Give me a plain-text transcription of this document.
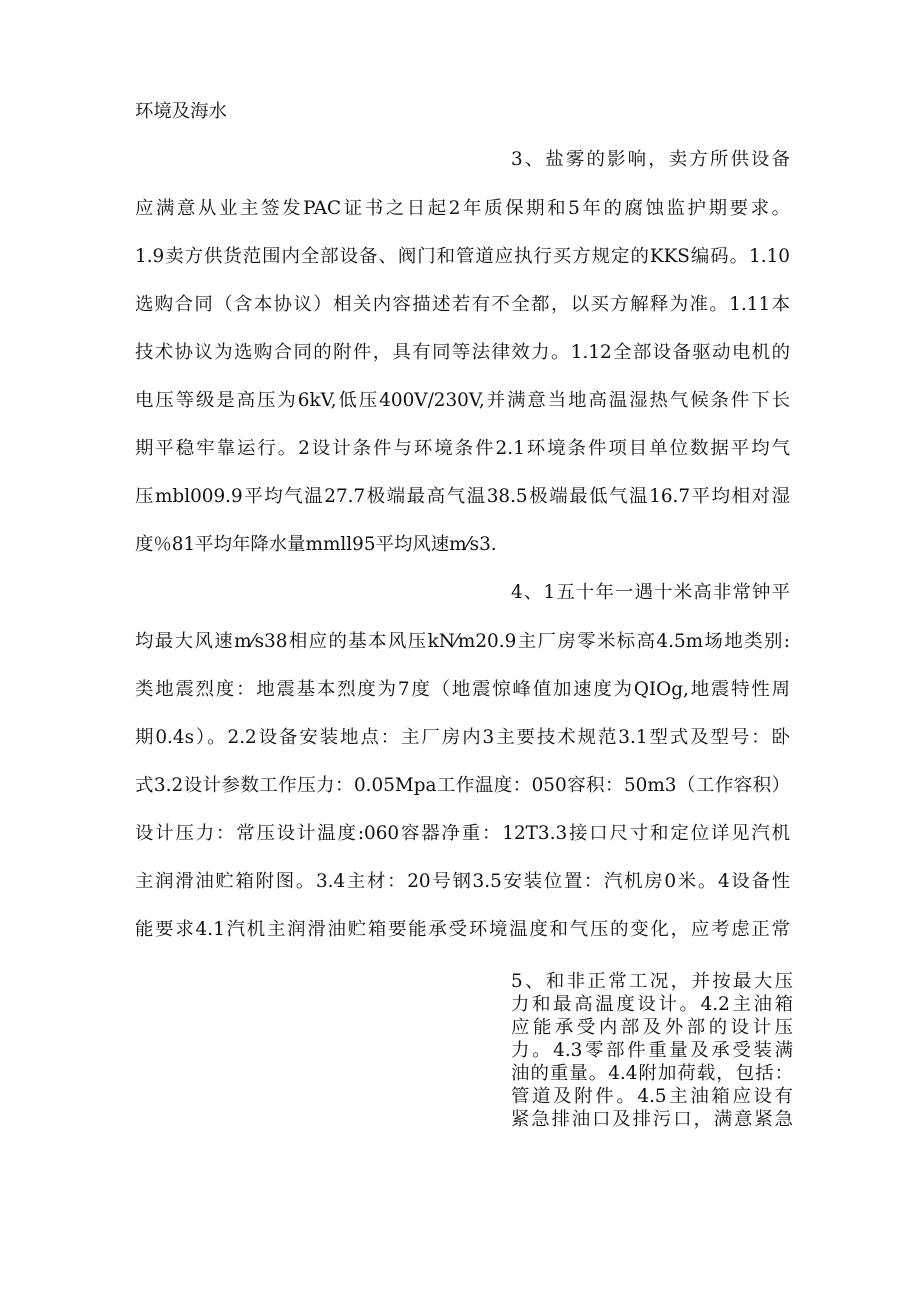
环境及海水
3、盐雾的影响，卖方所供设备
应满意从业主签发PAC证书之日起2年质保期和5年的腐蚀监护期要求。
1.9卖方供货范围内全部设备、阀门和管道应执行买方规定的KKS编码。1.10
选购合同（含本协议）相关内容描述若有不全都，以买方解释为准。1.11本
技术协议为选购合同的附件，具有同等法律效力。1.12全部设备驱动电机的
电压等级是高压为6kV,低压400V/230V,并满意当地高温湿热气候条件下长
期平稳牢靠运行。2设计条件与环境条件2.1环境条件项目单位数据平均气
压mbl009.9平均气温27.7极端最高气温38.5极端最低气温16.7平均相对湿
度％81平均年降水量mmll95平均风速m⁄s3.
4、1五十年一遇十米高非常钟平
均最大风速m⁄s38相应的基本风压kN⁄m20.9主厂房零米标高4.5m场地类别:
类地震烈度：地震基本烈度为7度（地震惊峰值加速度为QIOg,地震特性周
期0.4s）。2.2设备安装地点：主厂房内3主要技术规范3.1型式及型号：卧
式3.2设计参数工作压力：0.05Mpa工作温度：050容积：50m3（工作容积）
设计压力：常压设计温度:060容器净重：12T3.3接口尺寸和定位详见汽机
主润滑油贮箱附图。3.4主材：20号钢3.5安装位置：汽机房0米。4设备性
能要求4.1汽机主润滑油贮箱要能承受环境温度和气压的变化，应考虑正常
5、和非正常工况，并按最大压
力和最高温度设计。4.2主油箱
应能承受内部及外部的设计压
力。4.3零部件重量及承受装满
油的重量。4.4附加荷载，包括：
管道及附件。4.5主油箱应设有
紧急排油口及排污口，满意紧急
